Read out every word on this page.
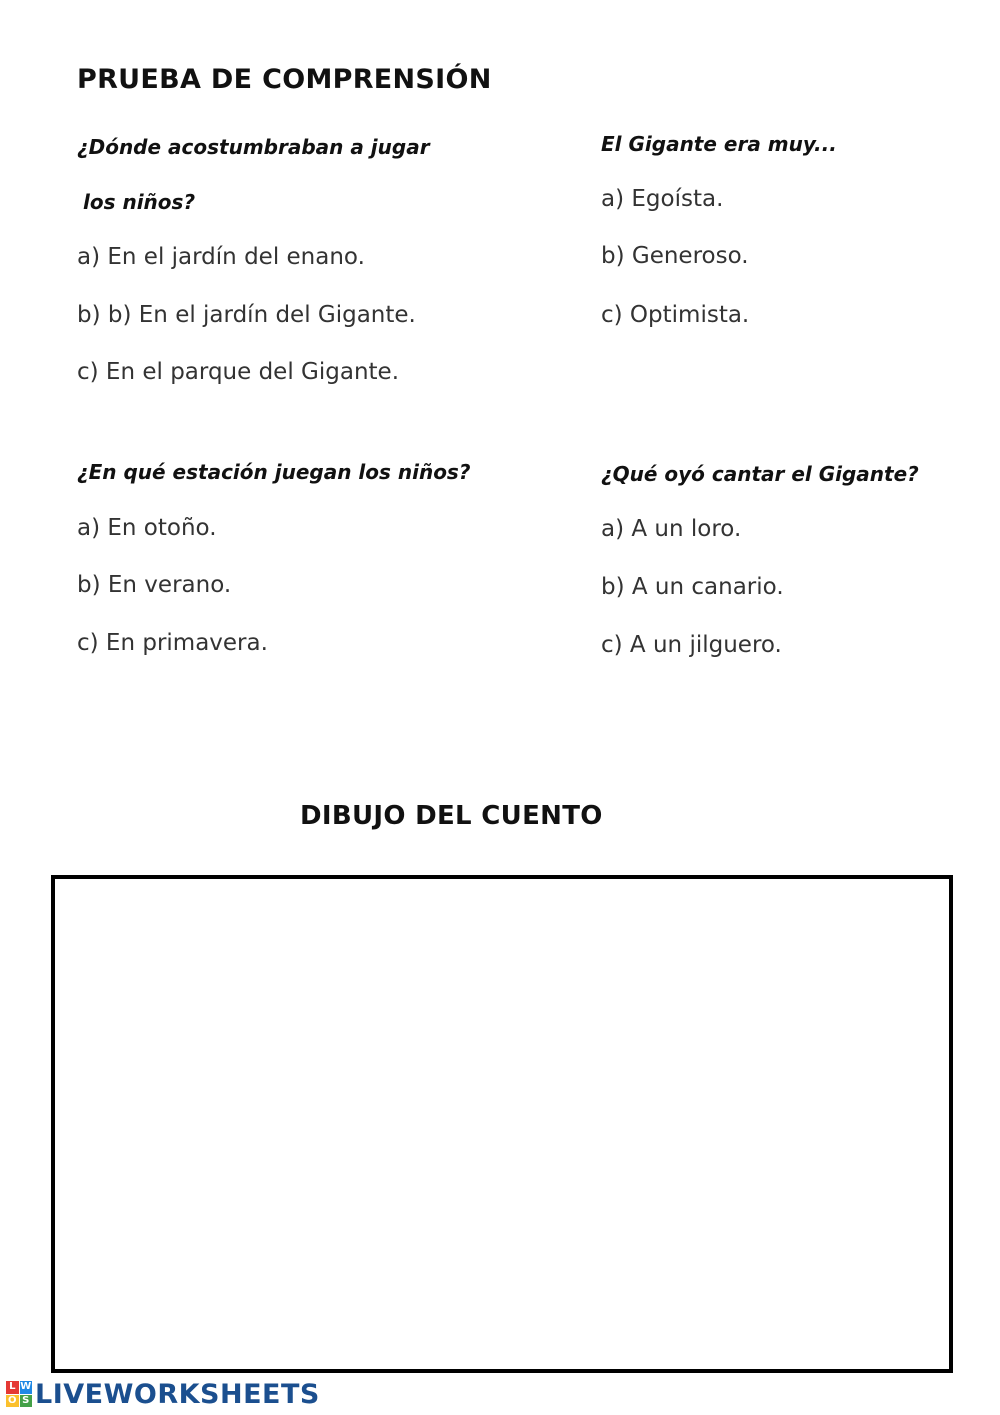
PRUEBA DE COMPRENSIÓN
¿Dónde acostumbraban a jugar
los niños?
a) En el jardín del enano.
b) b) En el jardín del Gigante.
c) En el parque del Gigante.
El Gigante era muy...
a) Egoísta.
b) Generoso.
c) Optimista.
¿En qué estación juegan los niños?
a) En otoño.
b) En verano.
c) En primavera.
¿Qué oyó cantar el Gigante?
a) A un loro.
b) A un canario.
c) A un jilguero.
DIBUJO DEL CUENTO
L W
O S LIVEWORKSHEETS
